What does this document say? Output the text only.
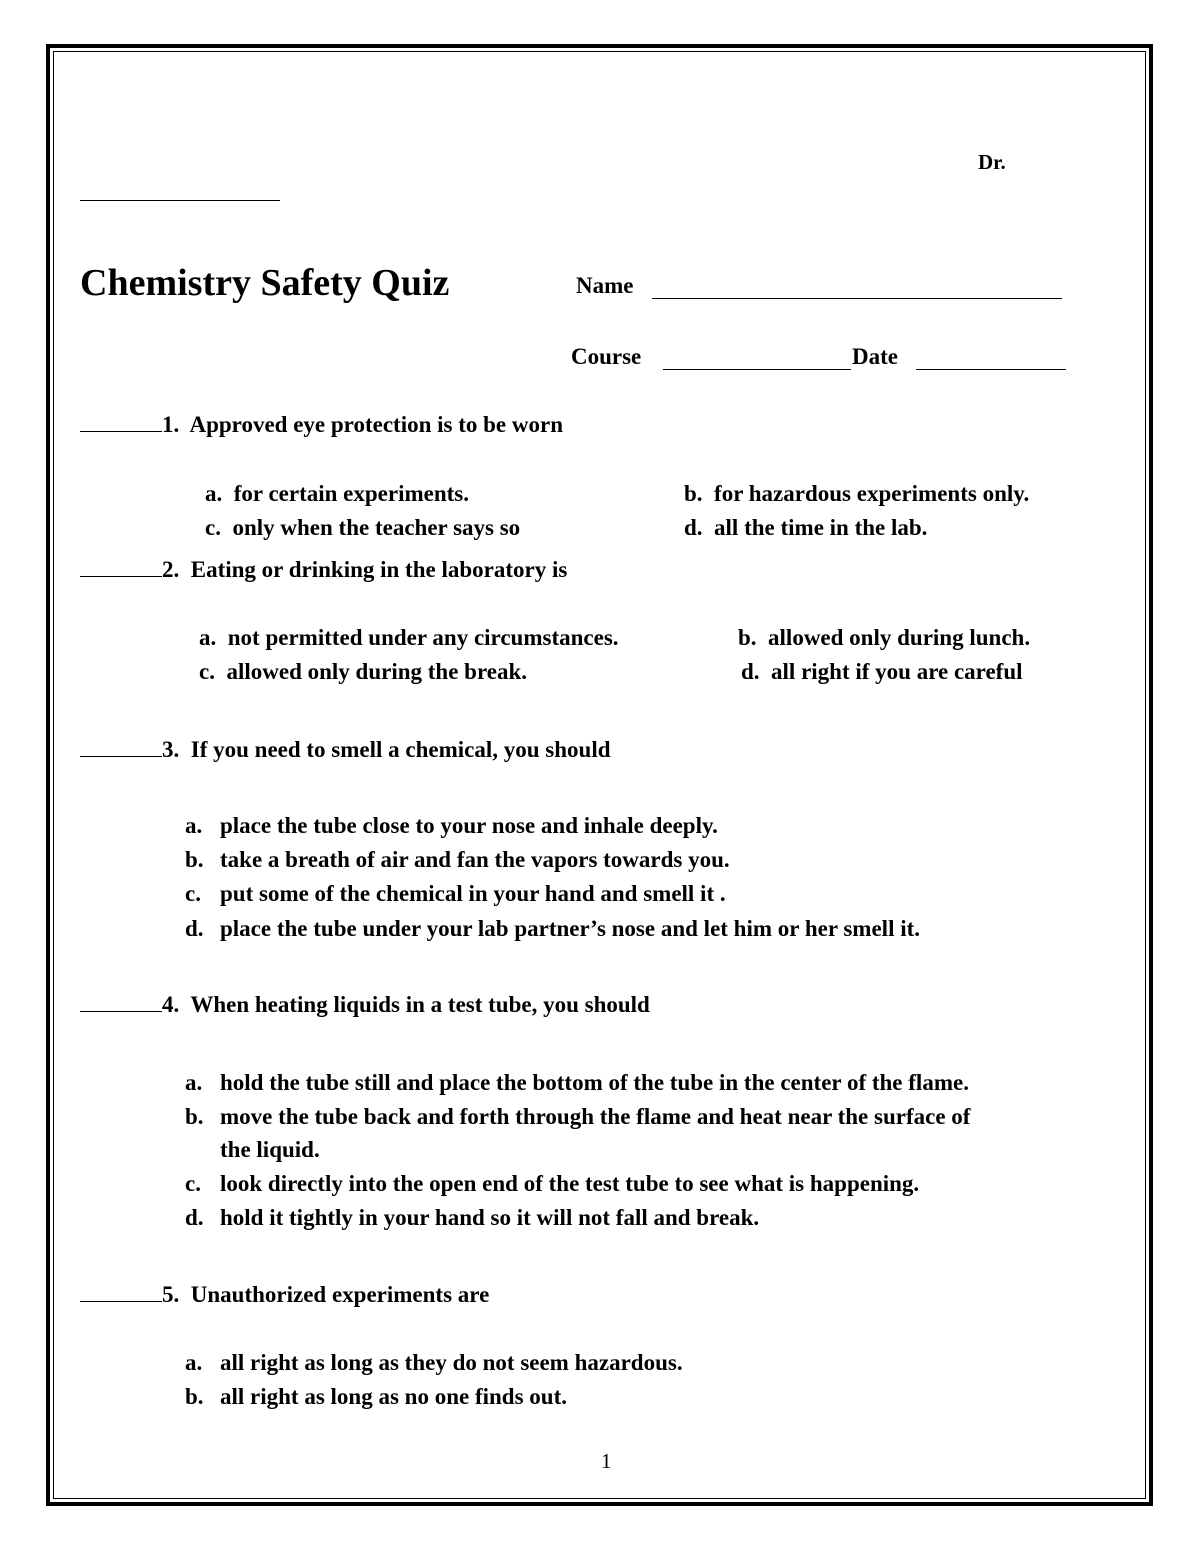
Dr.
Chemistry Safety Quiz	Name
Course	Date
1. Approved eye protection is to be worn
a. for certain experiments.	b. for hazardous experiments only.
c. only when the teacher says so	d. all the time in the lab.
2. Eating or drinking in the laboratory is
a. not permitted under any circumstances.	b. allowed only during lunch.
c. allowed only during the break.	d. all right if you are careful
3. If you need to smell a chemical, you should
a. place the tube close to your nose and inhale deeply.
b. take a breath of air and fan the vapors towards you.
c. put some of the chemical in your hand and smell it .
d. place the tube under your lab partner’s nose and let him or her smell it.
4. When heating liquids in a test tube, you should
a. hold the tube still and place the bottom of the tube in the center of the flame.
b. move the tube back and forth through the flame and heat near the surface of
the liquid.
c. look directly into the open end of the test tube to see what is happening.
d. hold it tightly in your hand so it will not fall and break.
5. Unauthorized experiments are
a. all right as long as they do not seem hazardous.
b. all right as long as no one finds out.
1
